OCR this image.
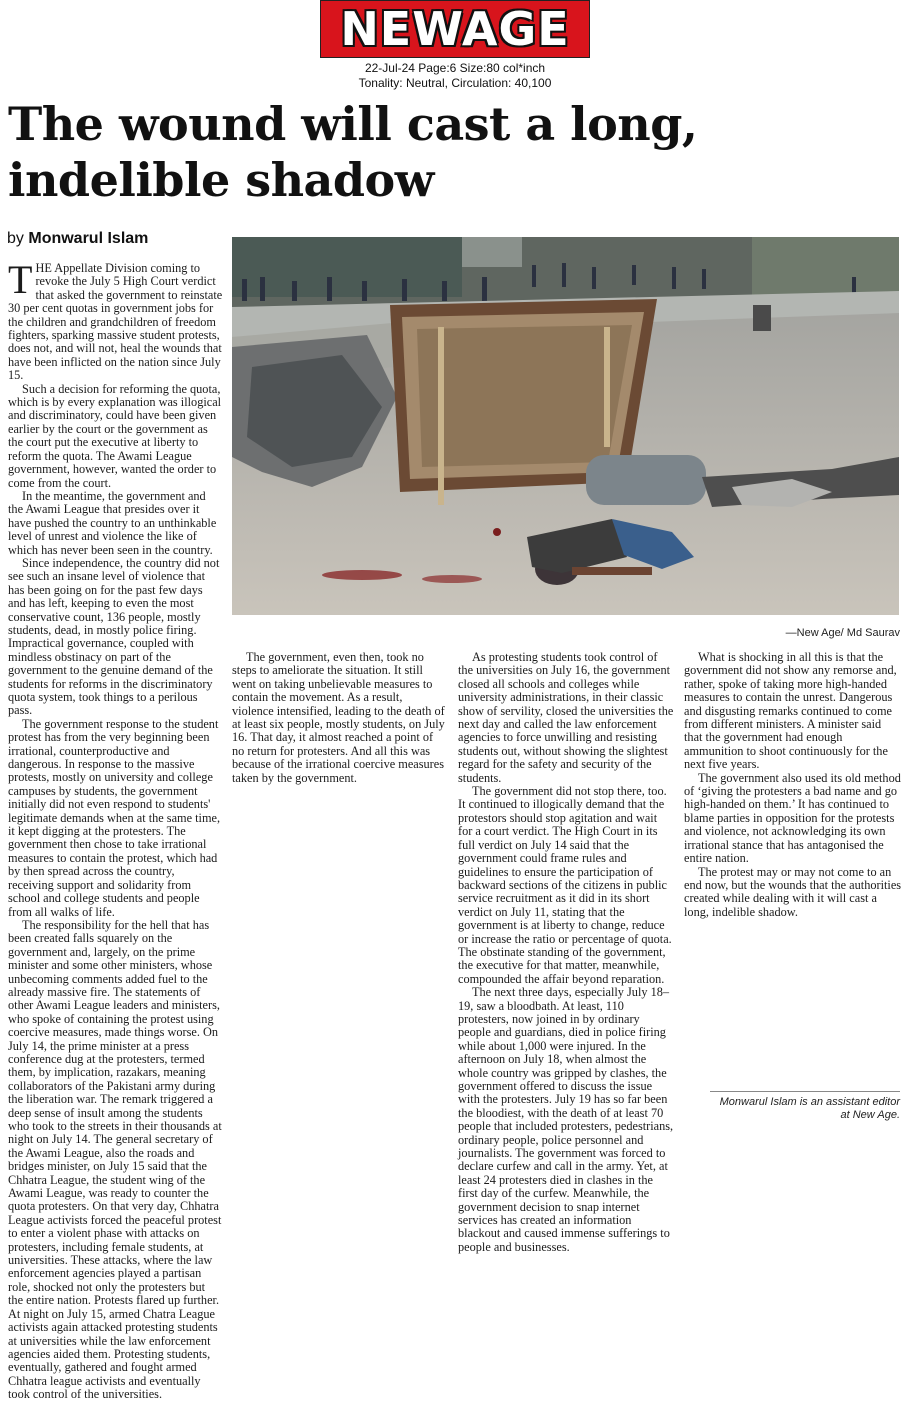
NEWAGE
22-Jul-24 Page:6 Size:80 col*inch
Tonality: Neutral, Circulation: 40,100
The wound will cast a long, indelible shadow
by Monwarul Islam

THE Appellate Division coming to revoke the July 5 High Court verdict that asked the government to reinstate 30 per cent quotas in government jobs for the children and grandchildren of freedom fighters, sparking massive student protests, does not, and will not, heal the wounds that have been inflicted on the nation since July 15.

Such a decision for reforming the quota, which is by every explanation was illogical and discriminatory, could have been given earlier by the court or the government as the court put the executive at liberty to reform the quota. The Awami League government, however, wanted the order to come from the court.

In the meantime, the government and the Awami League that presides over it have pushed the country to an unthinkable level of unrest and violence the like of which has never been seen in the country.

Since independence, the country did not see such an insane level of violence that has been going on for the past few days and has left, keeping to even the most conservative count, 136 people, mostly students, dead, in mostly police firing. Impractical governance, coupled with mindless obstinacy on part of the government to the genuine demand of the students for reforms in the discriminatory quota system, took things to a perilous pass.

The government response to the student protest has from the very beginning been irrational, counterproductive and dangerous. In response to the massive protests, mostly on university and college campuses by students, the government initially did not even respond to students' legitimate demands when at the same time, it kept digging at the protesters. The government then chose to take irrational measures to contain the protest, which had by then spread across the country, receiving support and solidarity from school and college students and people from all walks of life.

The responsibility for the hell that has been created falls squarely on the government and, largely, on the prime minister and some other ministers, whose unbecoming comments added fuel to the already massive fire. The statements of other Awami League leaders and ministers, who spoke of containing the protest using coercive measures, made things worse. On July 14, the prime minister at a press conference dug at the protesters, termed them, by implication, razakars, meaning collaborators of the Pakistani army during the liberation war. The remark triggered a deep sense of insult among the students who took to the streets in their thousands at night on July 14. The general secretary of the Awami League, also the roads and bridges minister, on July 15 said that the Chhatra League, the student wing of the Awami League, was ready to counter the quota protesters. On that very day, Chhatra League activists forced the peaceful protest to enter a violent phase with attacks on protesters, including female students, at universities. These attacks, where the law enforcement agencies played a partisan role, shocked not only the protesters but the entire nation. Protests flared up further. At night on July 15, armed Chatra League activists again attacked protesting students at universities while the law enforcement agencies aided them. Protesting students, eventually, gathered and fought armed Chhatra league activists and eventually took control of the universities.

—New Age/ Md Saurav

The government, even then, took no steps to ameliorate the situation. It still went on taking unbelievable measures to contain the movement. As a result, violence intensified, leading to the death of at least six people, mostly students, on July 16. That day, it almost reached a point of no return for protesters. And all this was because of the irrational coercive measures taken by the government.

As protesting students took control of the universities on July 16, the government closed all schools and colleges while university administrations, in their classic show of servility, closed the universities the next day and called the law enforcement agencies to force unwilling and resisting students out, without showing the slightest regard for the safety and security of the students.

The government did not stop there, too. It continued to illogically demand that the protestors should stop agitation and wait for a court verdict. The High Court in its full verdict on July 14 said that the government could frame rules and guidelines to ensure the participation of backward sections of the citizens in public service recruitment as it did in its short verdict on July 11, stating that the government is at liberty to change, reduce or increase the ratio or percentage of quota. The obstinate standing of the government, the executive for that matter, meanwhile, compounded the affair beyond reparation.

The next three days, especially July 18–19, saw a bloodbath. At least, 110 protesters, now joined in by ordinary people and guardians, died in police firing while about 1,000 were injured. In the afternoon on July 18, when almost the whole country was gripped by clashes, the government offered to discuss the issue with the protesters. July 19 has so far been the bloodiest, with the death of at least 70 people that included protesters, pedestrians, ordinary people, police personnel and journalists. The government was forced to declare curfew and call in the army. Yet, at least 24 protesters died in clashes in the first day of the curfew. Meanwhile, the government decision to snap internet services has created an information blackout and caused immense sufferings to people and businesses.

What is shocking in all this is that the government did not show any remorse and, rather, spoke of taking more high-handed measures to contain the unrest. Dangerous and disgusting remarks continued to come from different ministers. A minister said that the government had enough ammunition to shoot continuously for the next five years.

The government also used its old method of ‘giving the protesters a bad name and go high-handed on them.’ It has continued to blame parties in opposition for the protests and violence, not acknowledging its own irrational stance that has antagonised the entire nation.

The protest may or may not come to an end now, but the wounds that the authorities created while dealing with it will cast a long, indelible shadow.

Monwarul Islam is an assistant editor at New Age.
